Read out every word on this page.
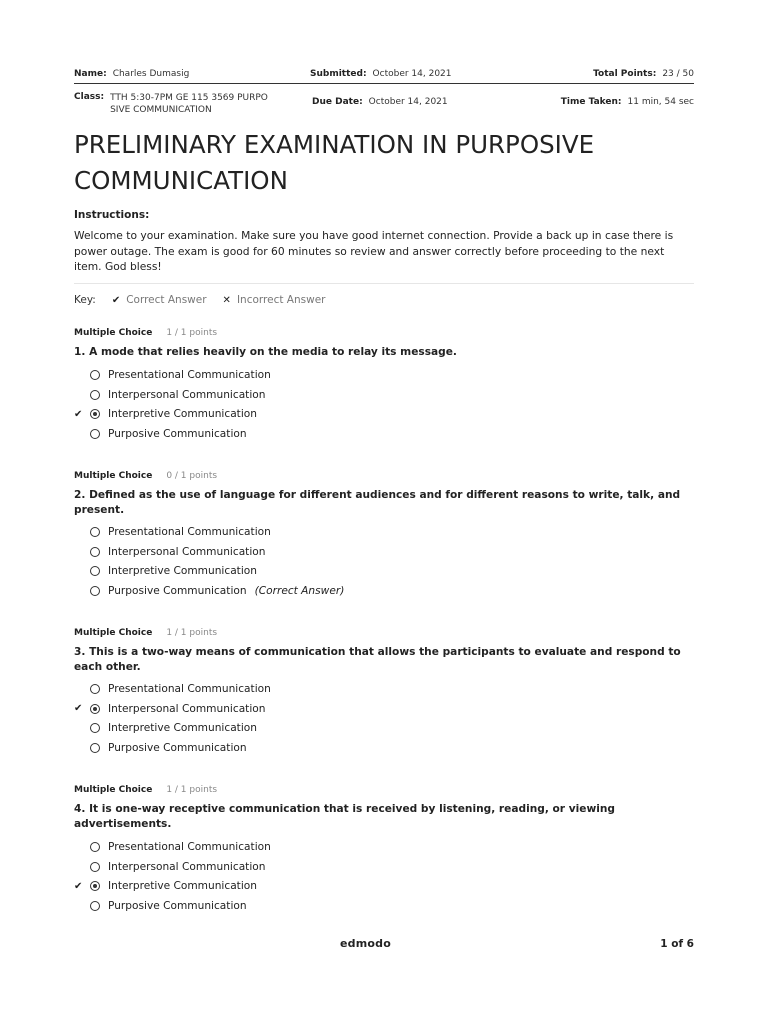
Name: Charles Dumasig	Submitted: October 14, 2021	Total Points: 23 / 50
Class: TTH 5:30-7PM GE 115 3569 PURPO
SIVE COMMUNICATION
Due Date: October 14, 2021	Time Taken: 11 min, 54 sec
PRELIMINARY EXAMINATION IN PURPOSIVE
COMMUNICATION
Instructions:
Welcome to your examination. Make sure you have good internet connection. Provide a back up in case there is
power outage. The exam is good for 60 minutes so review and answer correctly before proceeding to the next
item. God bless!
Key: ✔ Correct Answer ✕ Incorrect Answer
Multiple Choice 1 / 1 points
1. A mode that relies heavily on the media to relay its message.
Presentational Communication
Interpersonal Communication
✔ Interpretive Communication
Purposive Communication
Multiple Choice 0 / 1 points
2. Defined as the use of language for different audiences and for different reasons to write, talk, and
present.
Presentational Communication
Interpersonal Communication
Interpretive Communication
Purposive Communication (Correct Answer)
Multiple Choice 1 / 1 points
3. This is a two-way means of communication that allows the participants to evaluate and respond to
each other.
Presentational Communication
✔ Interpersonal Communication
Interpretive Communication
Purposive Communication
Multiple Choice 1 / 1 points
4. It is one-way receptive communication that is received by listening, reading, or viewing
advertisements.
Presentational Communication
Interpersonal Communication
✔ Interpretive Communication
Purposive Communication
edmodo	1 of 6
